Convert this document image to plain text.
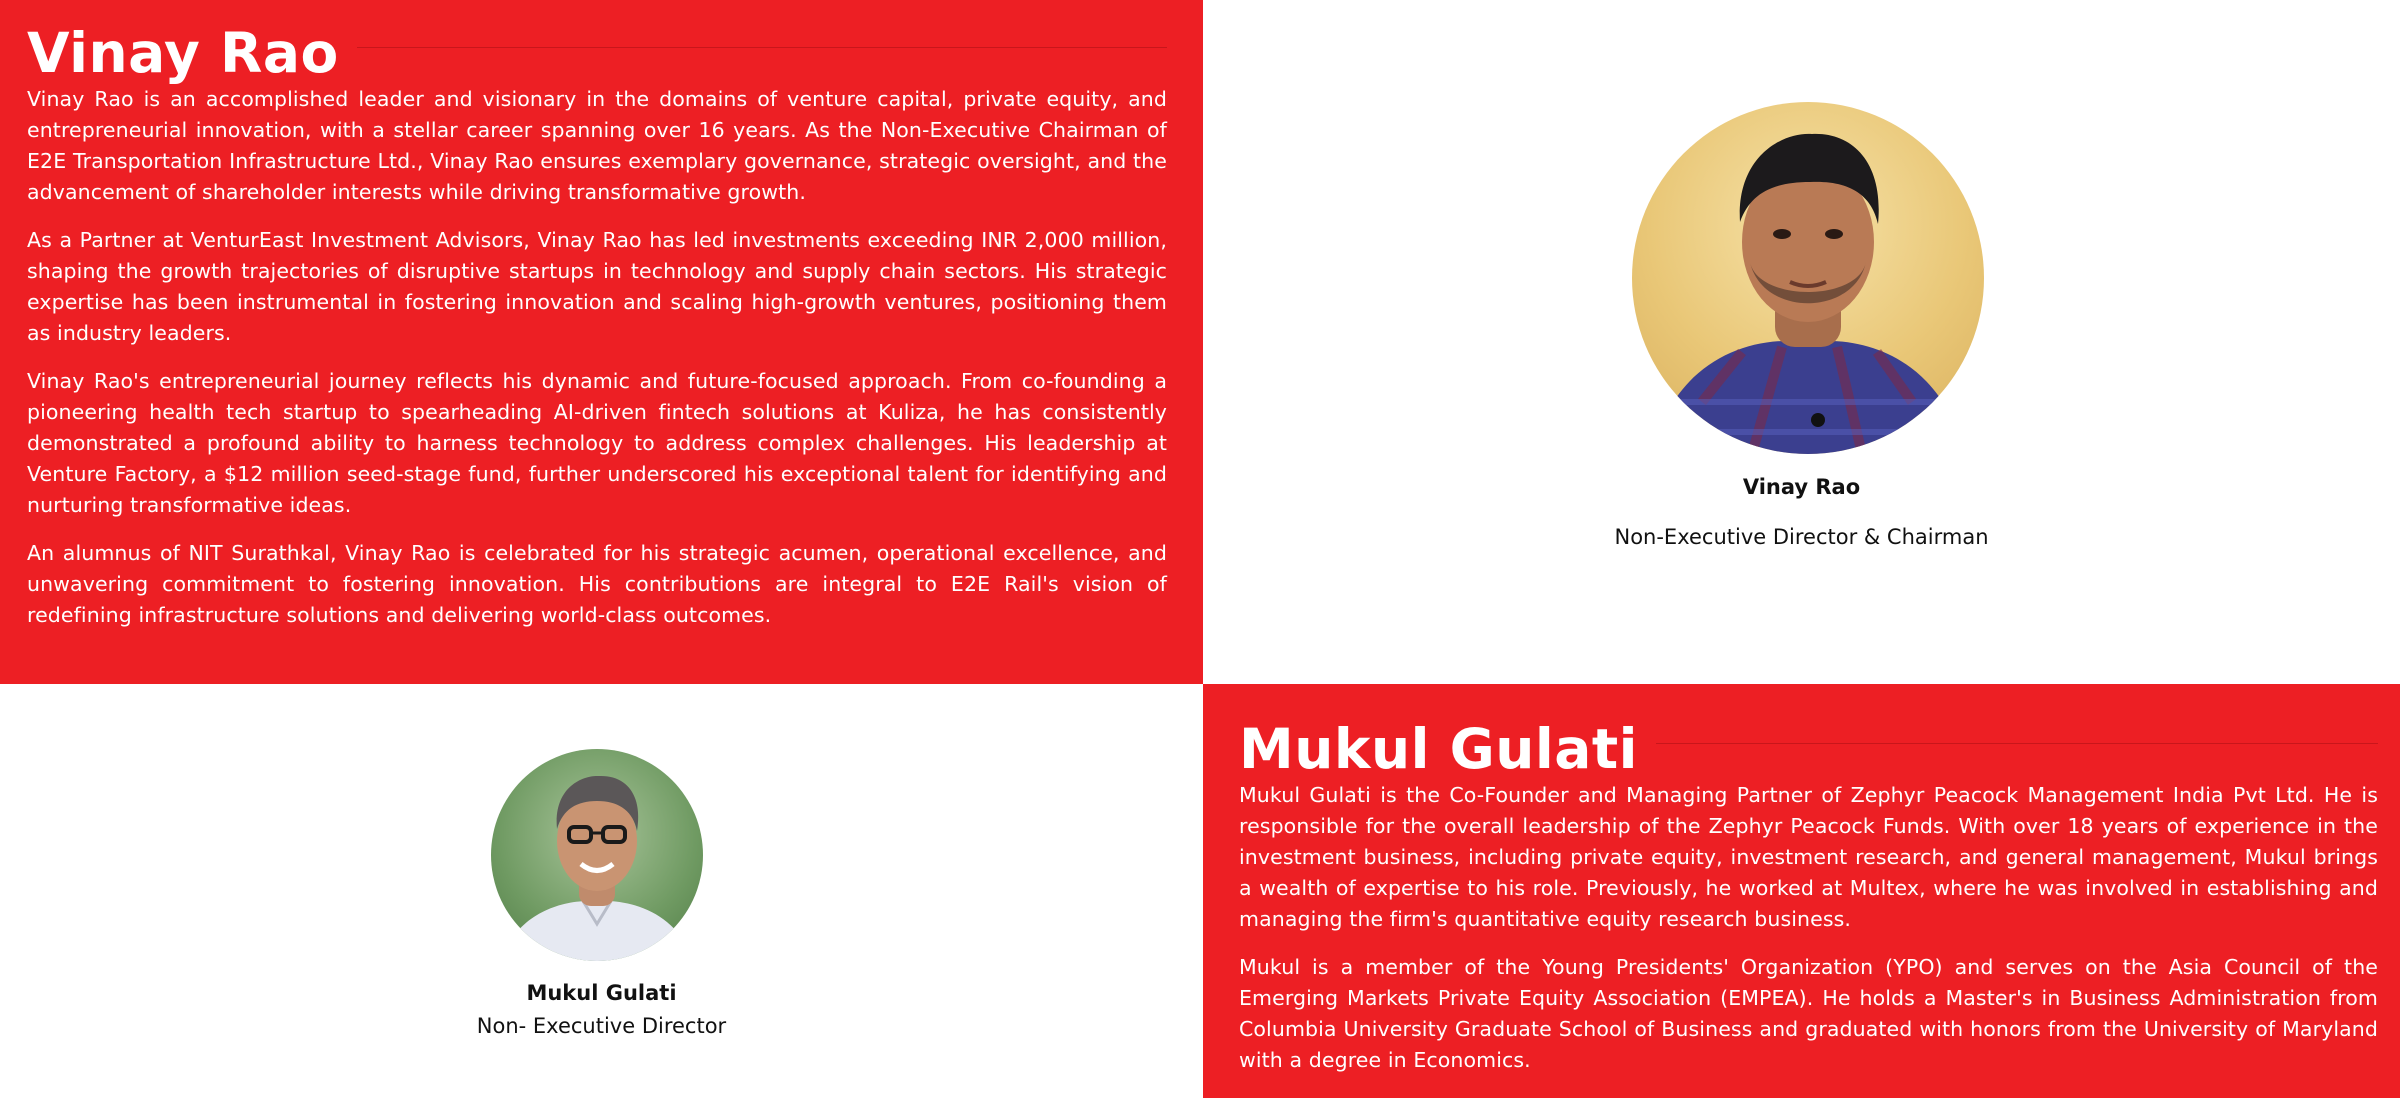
Vinay Rao

Vinay Rao is an accomplished leader and visionary in the domains of venture capital, private equity, and entrepreneurial innovation, with a stellar career spanning over 16 years. As the Non-Executive Chairman of E2E Transportation Infrastructure Ltd., Vinay Rao ensures exemplary governance, strategic oversight, and the advancement of shareholder interests while driving transformative growth.

As a Partner at VenturEast Investment Advisors, Vinay Rao has led investments exceeding INR 2,000 million, shaping the growth trajectories of disruptive startups in technology and supply chain sectors. His strategic expertise has been instrumental in fostering innovation and scaling high-growth ventures, positioning them as industry leaders.

Vinay Rao's entrepreneurial journey reflects his dynamic and future-focused approach. From co-founding a pioneering health tech startup to spearheading AI-driven fintech solutions at Kuliza, he has consistently demonstrated a profound ability to harness technology to address complex challenges. His leadership at Venture Factory, a $12 million seed-stage fund, further underscored his exceptional talent for identifying and nurturing transformative ideas.

An alumnus of NIT Surathkal, Vinay Rao is celebrated for his strategic acumen, operational excellence, and unwavering commitment to fostering innovation. His contributions are integral to E2E Rail's vision of redefining infrastructure solutions and delivering world-class outcomes.

Vinay Rao
Non-Executive Director & Chairman
Mukul Gulati
Non- Executive Director
Mukul Gulati

Mukul Gulati is the Co-Founder and Managing Partner of Zephyr Peacock Management India Pvt Ltd. He is responsible for the overall leadership of the Zephyr Peacock Funds. With over 18 years of experience in the investment business, including private equity, investment research, and general management, Mukul brings a wealth of expertise to his role. Previously, he worked at Multex, where he was involved in establishing and managing the firm's quantitative equity research business.

Mukul is a member of the Young Presidents' Organization (YPO) and serves on the Asia Council of the Emerging Markets Private Equity Association (EMPEA). He holds a Master's in Business Administration from Columbia University Graduate School of Business and graduated with honors from the University of Maryland with a degree in Economics.
